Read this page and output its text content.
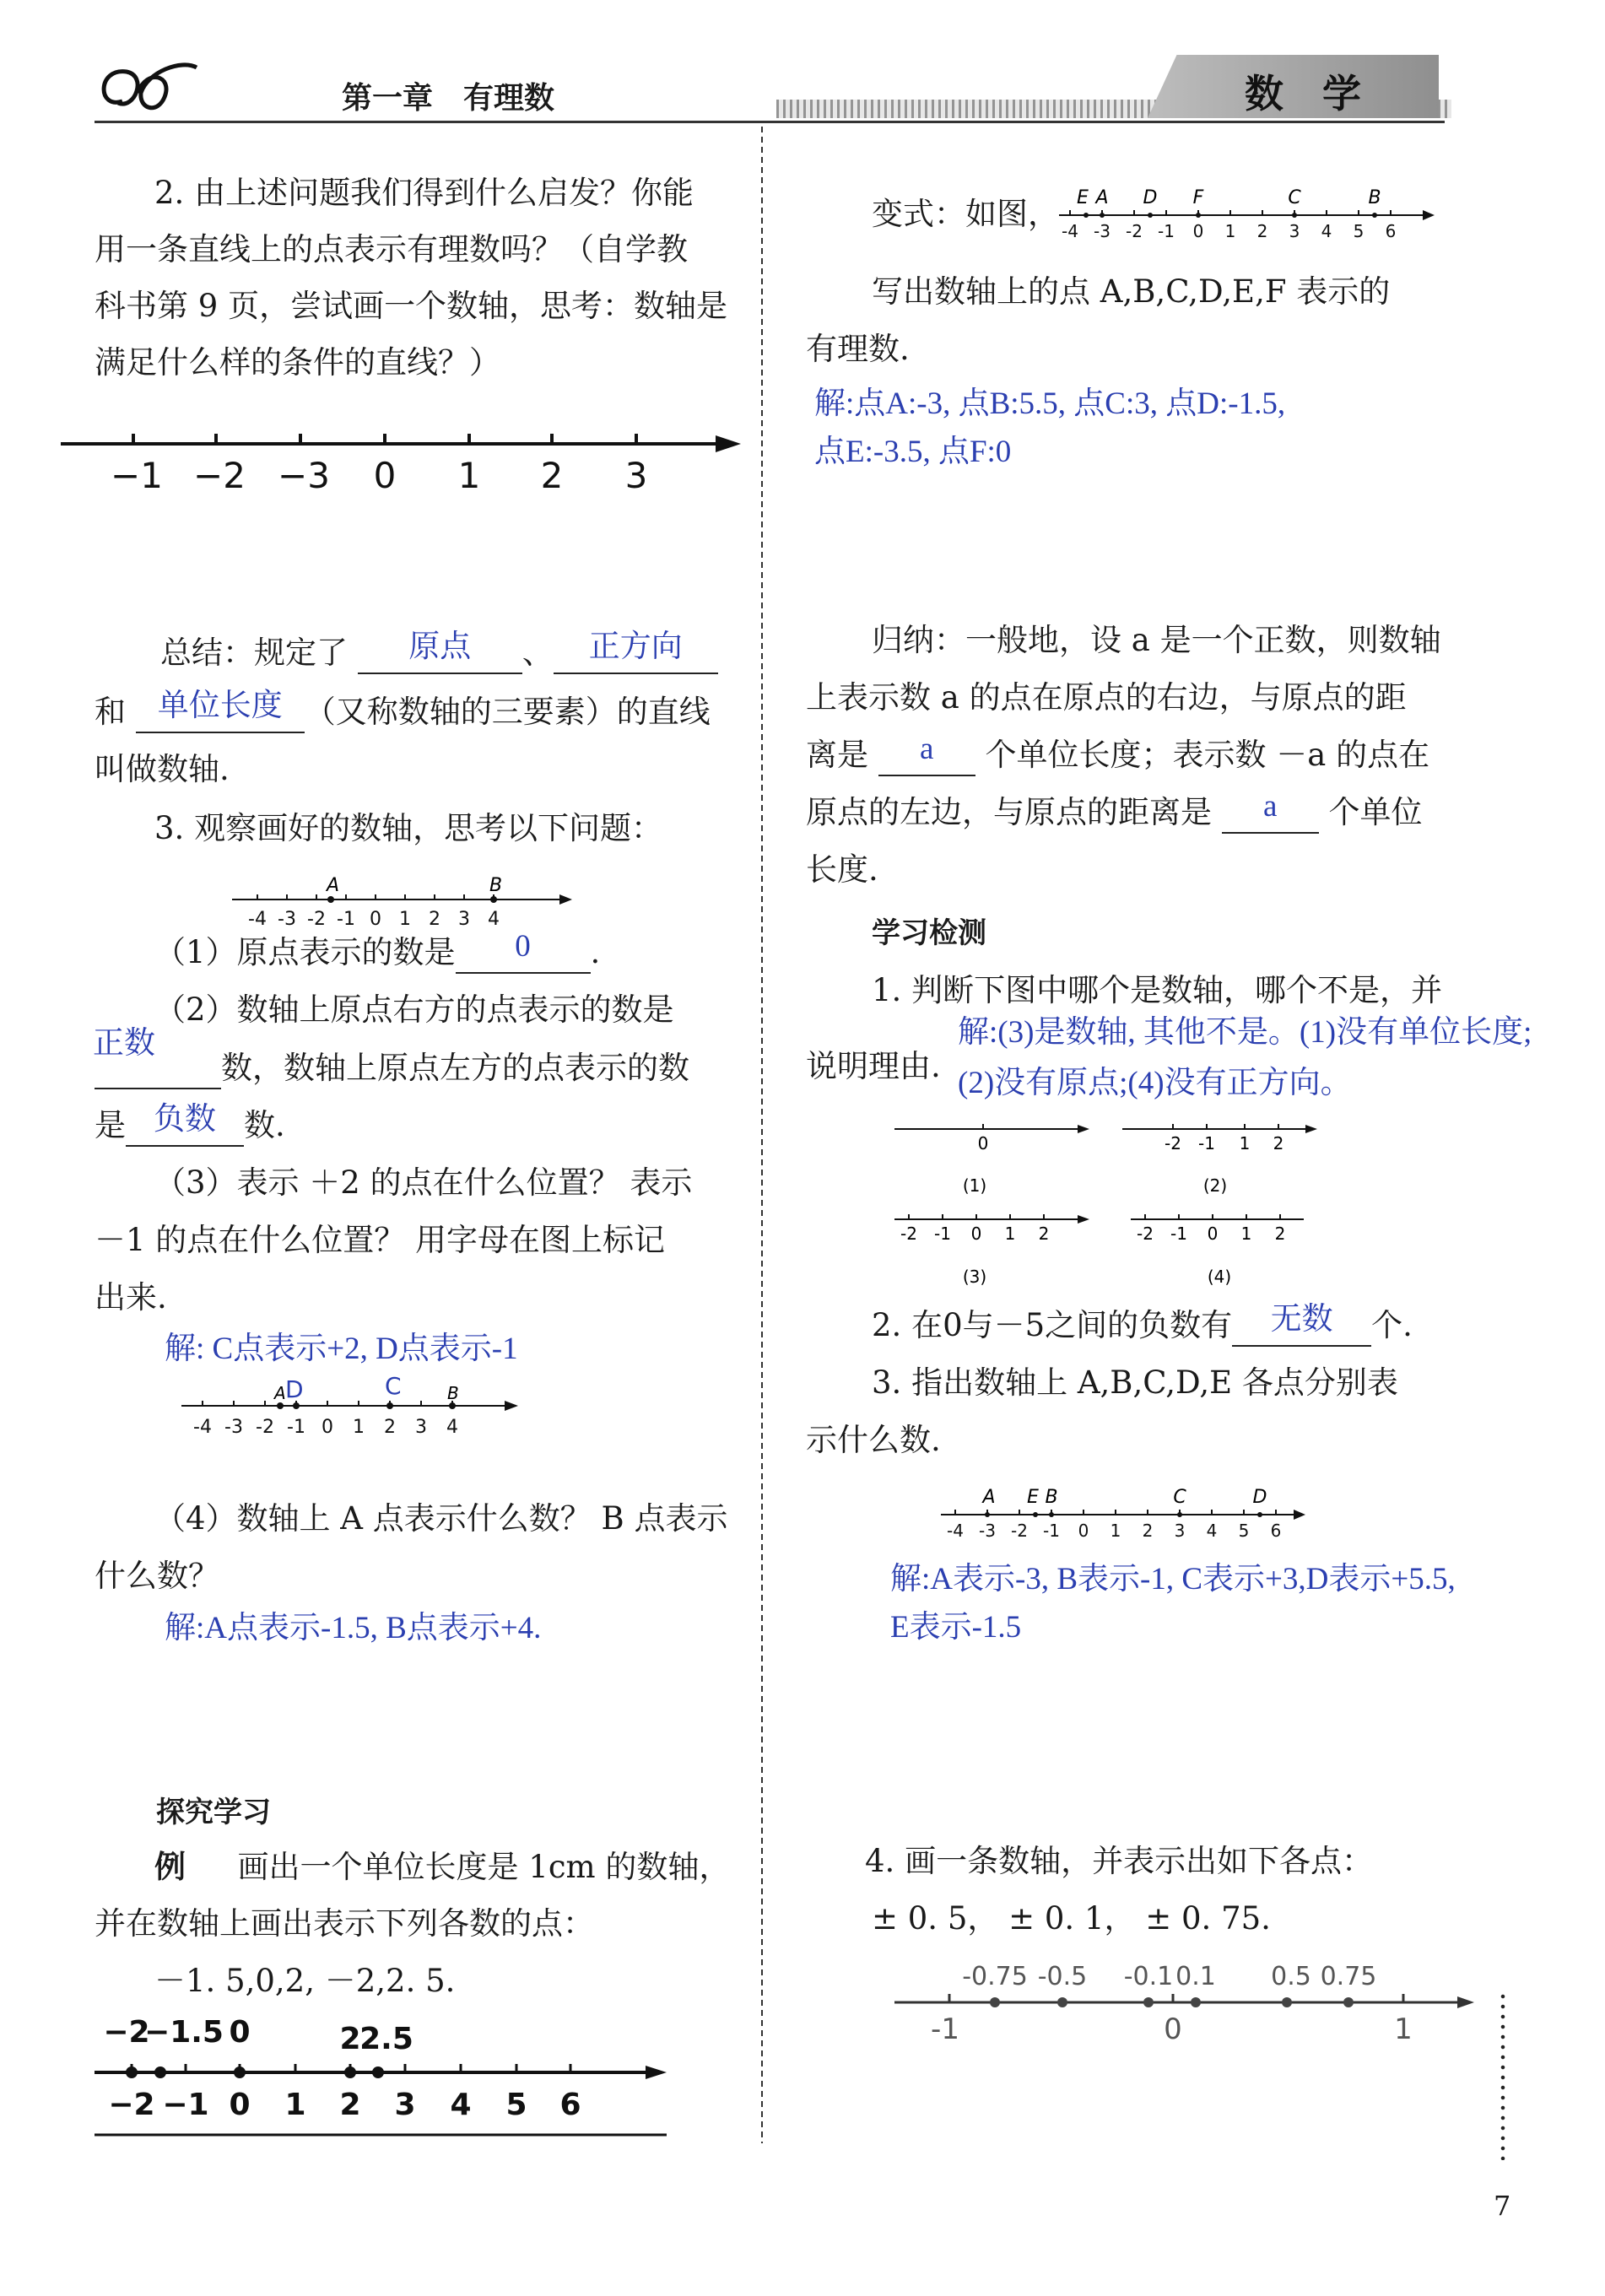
第一章　有理数	数　学
2. 由上述问题我们得到什么启发？你能
用一条直线上的点表示有理数吗？（自学教
科书第 9 页，尝试画一个数轴，思考：数轴是
满足什么样的条件的直线？）
−1 −2 −3 0 1 2 3
总结：规定了 原点 、 正方向
和 单位长度 （又称数轴的三要素）的直线
叫做数轴.
3. 观察画好的数轴，思考以下问题：
A	B
-4 -3 -2 -1 0 1 2 3 4
（1）原点表示的数是 0 .
（2）数轴上原点右方的点表示的数是
正数数，数轴上原点左方的点表示的数
是 负数 数.
（3）表示 ＋2 的点在什么位置？ 表示
－1 的点在什么位置？ 用字母在图上标记
出来.
解: C点表示+2, D点表示-1
A D	C	B
-4 -3 -2 -1 0 1 2 3 4
（4）数轴上 A 点表示什么数？ B 点表示
什么数？
解:A点表示-1.5, B点表示+4.
探究学习
例 画出一个单位长度是 1cm 的数轴，
并在数轴上画出表示下列各数的点：
－1. 5,0,2, －2,2. 5.
−2
−1.5 0	2
2.5
−2 −1 0 1 2 3 4 5 6
变式：如图， E A D F	C	B
-4 -3 -2 -1 0 1 2 3 4 5 6
写出数轴上的点 A,B,C,D,E,F 表示的
有理数.
解:点A:-3, 点B:5.5, 点C:3, 点D:-1.5,
点E:-3.5, 点F:0
归纳：一般地，设 a 是一个正数，则数轴
上表示数 a 的点在原点的右边，与原点的距
离是 a 个单位长度；表示数 －a 的点在
原点的左边，与原点的距离是 a 个单位
长度.
学习检测
1. 判断下图中哪个是数轴，哪个不是，并
解:(3)是数轴, 其他不是。(1)没有单位长度;
说明理由. (2)没有原点;(4)没有正方向。
0
(1)
-2 -1 1 2
(2)
-2 -1 0 1 2
(3)
-2 -1 0 1 2
(4)
2. 在0与－5之间的负数有 无数 个.
3. 指出数轴上 A,B,C,D,E 各点分别表
示什么数.
A E B	C	D
-4 -3 -2 -1 0 1 2 3 4 5 6
解:A表示-3, B表示-1, C表示+3,D表示+5.5,
E表示-1.5
4. 画一条数轴，并表示出如下各点：
± 0. 5， ± 0. 1， ± 0. 75.
-0.75 -0.5 -0.1 0.1 0.5 0.75
-1	0	1
7
